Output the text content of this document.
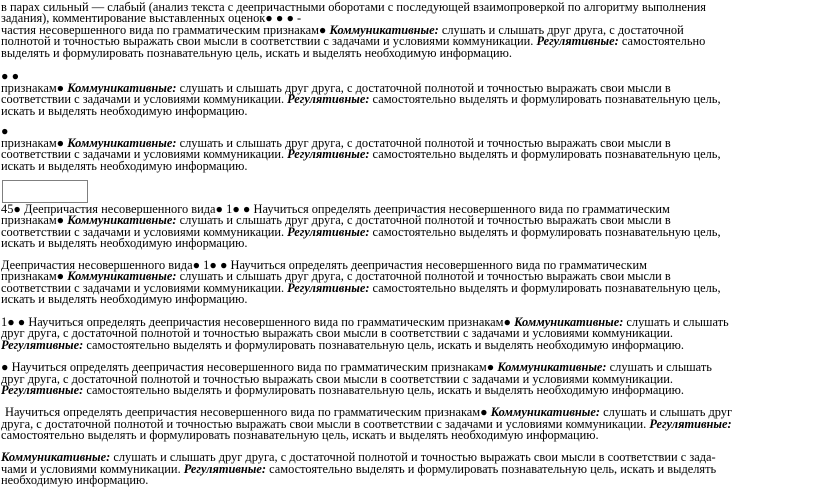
в парах сильный — слабый (анализ текста с деепричастными оборотами с последующей взаимопроверкой по алгоритму выполнения
задания), комментирование выставленных оценок● ● ● -
частия несовершенного вида по грамматическим признакам● Коммуникативные: слушать и слышать друг друга, с достаточной
полнотой и точностью выражать свои мысли в соответствии с задачами и условиями коммуникации. Регулятивные: самостоятельно
выделять и формулировать познавательную цель, искать и выделять необходимую информацию.
● ●
признакам● Коммуникативные: слушать и слышать друг друга, с достаточной полнотой и точностью выражать свои мысли в
соответствии с задачами и условиями коммуникации. Регулятивные: самостоятельно выделять и формулировать познавательную цель,
искать и выделять необходимую информацию.
●
признакам● Коммуникативные: слушать и слышать друг друга, с достаточной полнотой и точностью выражать свои мысли в
соответствии с задачами и условиями коммуникации. Регулятивные: самостоятельно выделять и формулировать познавательную цель,
искать и выделять необходимую информацию.
45● Деепричастия несовершенного вида● 1● ● Научиться определять деепричастия несовершенного вида по грамматическим
признакам● Коммуникативные: слушать и слышать друг друга, с достаточной полнотой и точностью выражать свои мысли в
соответствии с задачами и условиями коммуникации. Регулятивные: самостоятельно выделять и формулировать познавательную цель,
искать и выделять необходимую информацию.
Деепричастия несовершенного вида● 1● ● Научиться определять деепричастия несовершенного вида по грамматическим
признакам● Коммуникативные: слушать и слышать друг друга, с достаточной полнотой и точностью выражать свои мысли в
соответствии с задачами и условиями коммуникации. Регулятивные: самостоятельно выделять и формулировать познавательную цель,
искать и выделять необходимую информацию.
1● ● Научиться определять деепричастия несовершенного вида по грамматическим признакам● Коммуникативные: слушать и слышать
друг друга, с достаточной полнотой и точностью выражать свои мысли в соответствии с задачами и условиями коммуникации.
Регулятивные: самостоятельно выделять и формулировать познавательную цель, искать и выделять необходимую информацию.
● Научиться определять деепричастия несовершенного вида по грамматическим признакам● Коммуникативные: слушать и слышать
друг друга, с достаточной полнотой и точностью выражать свои мысли в соответствии с задачами и условиями коммуникации.
Регулятивные: самостоятельно выделять и формулировать познавательную цель, искать и выделять необходимую информацию.
Научиться определять деепричастия несовершенного вида по грамматическим признакам● Коммуникативные: слушать и слышать друг
друга, с достаточной полнотой и точностью выражать свои мысли в соответствии с задачами и условиями коммуникации. Регулятивные:
самостоятельно выделять и формулировать познавательную цель, искать и выделять необходимую информацию.
Коммуникативные: слушать и слышать друг друга, с достаточной полнотой и точностью выражать свои мысли в соответствии с зада-
чами и условиями коммуникации. Регулятивные: самостоятельно выделять и формулировать познавательную цель, искать и выделять
необходимую информацию.
